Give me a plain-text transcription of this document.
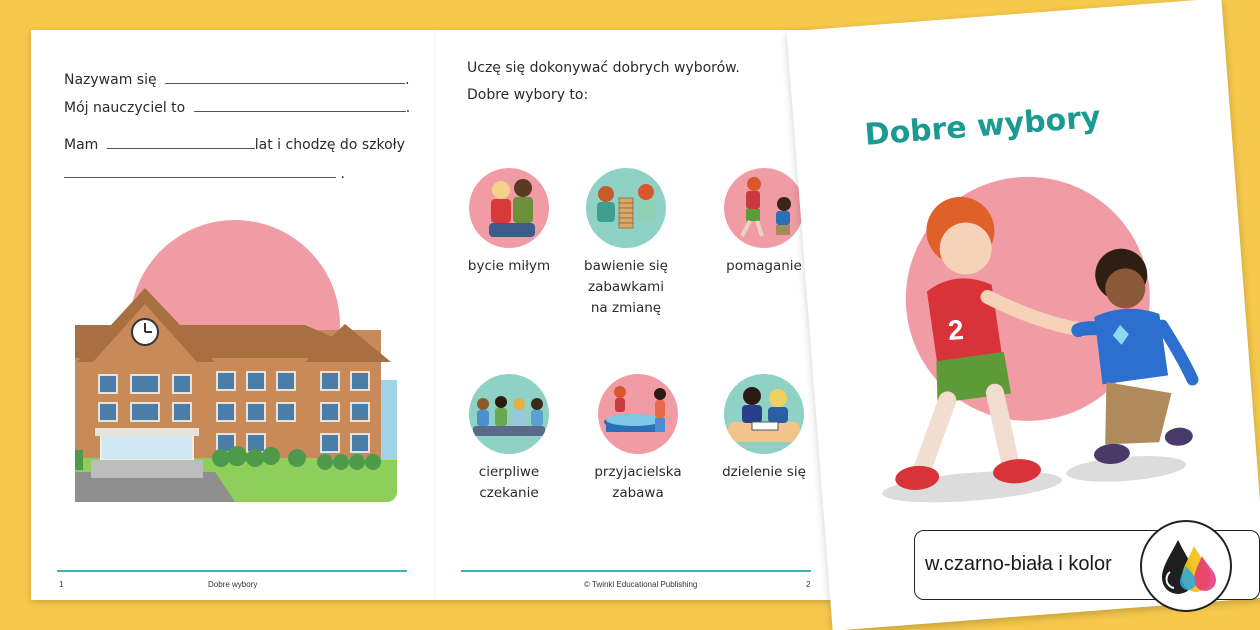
Nazywam się	.
Mój nauczyciel to	.
Mam	lat i chodzę do szkoły
.
Uczę się dokonywać dobrych wyborów.
Dobre wybory to:
bycie miłym	bawienie się
zabawkami
na zmianę
pomaganie
cierpliwe
czekanie
przyjacielska
zabawa
dzielenie się
1	Dobre wybory	© Twinkl Educational Publishing	2
Dobre wybory
2
w.czarno-biała i kolor
